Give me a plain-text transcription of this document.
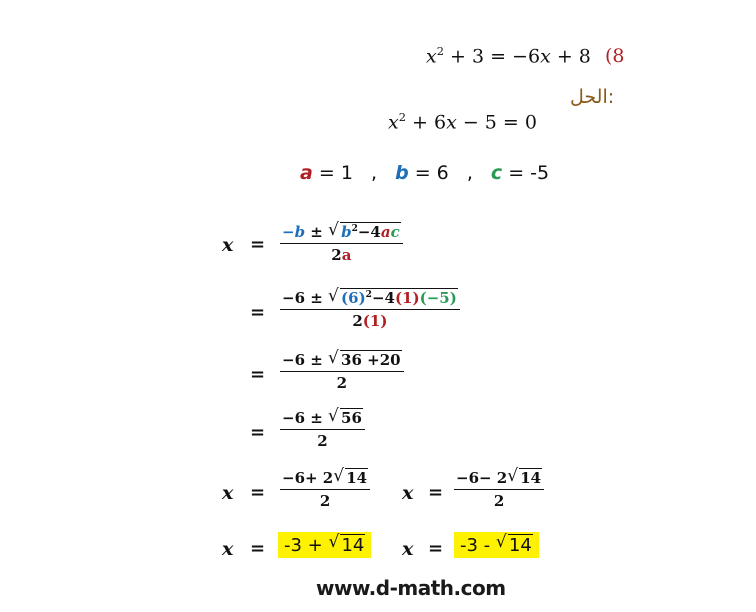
$x^2 + 3 = -6x + 8$ (8
الحل:
$x^2 + 6x - 5 = 0$
a = 1 , b = 6 , c = -5
$x = \frac{-b \pm √ b^2-4ac}{2a}$
= $\frac{-6 \pm √ (6)^2-4(1)(-5)}{2(1)}$
= $\frac{-6 \pm √ 36 +20}{2}$
= $\frac{-6 \pm √ 56}{2}$
$x = \frac{-6+ 2 √ 14}{2}$ $x = \frac{-6- 2 √ 14}{2}$
x =	-3 + √ 14	x = -3 - √ 14
www.d-math.com
